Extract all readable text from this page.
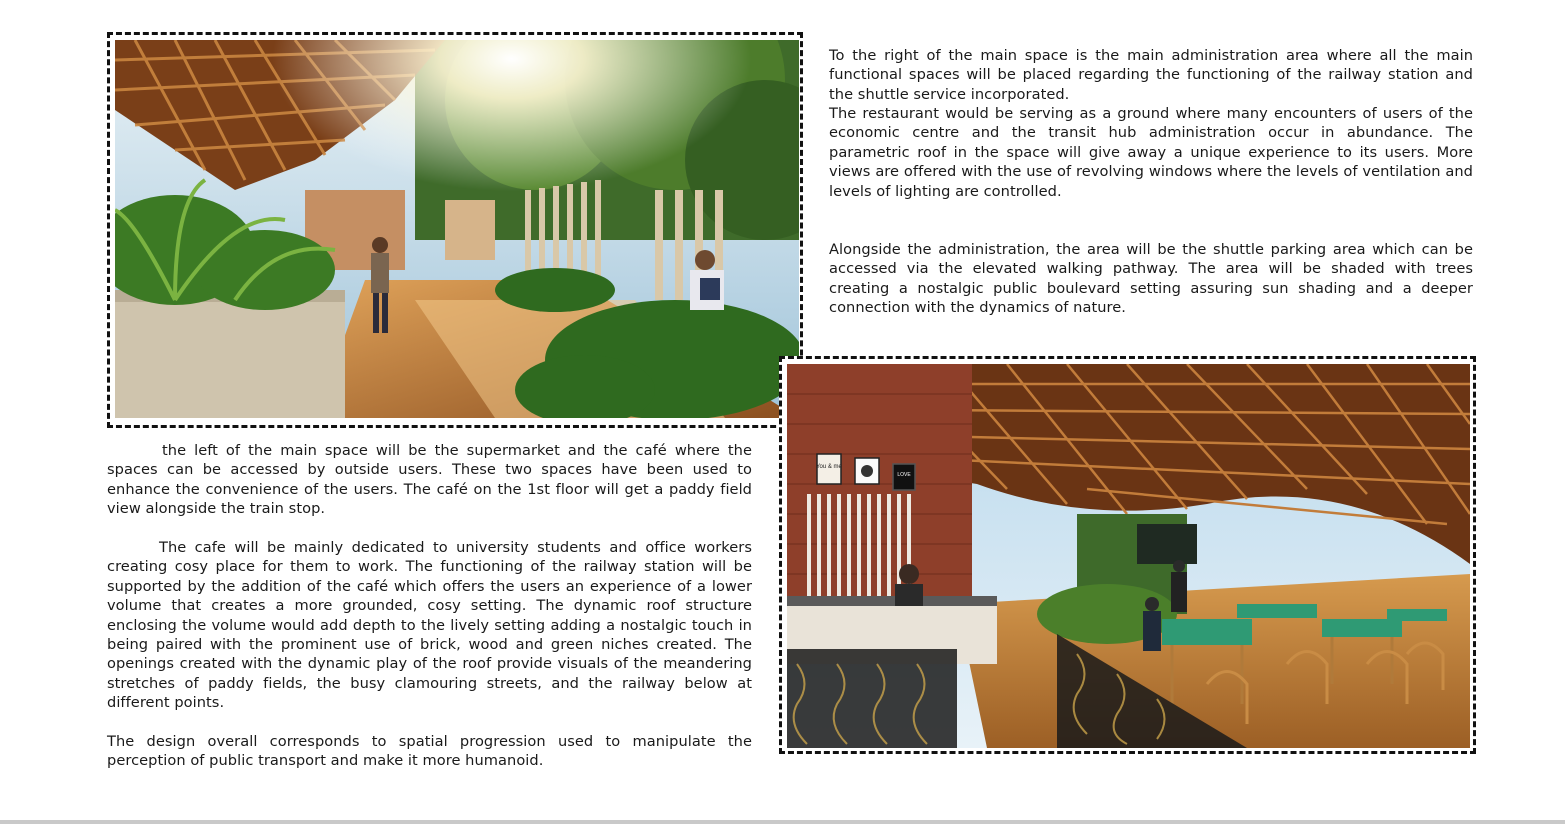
To the right of the main space is the main administration area where all the main functional spaces will be placed regarding the functioning of the railway station and the shuttle service incorporated.

The restaurant would be serving as a ground where many encounters of users of the economic centre and the transit hub administration occur in abundance. The parametric roof in the space will give away a unique experience to its users. More views are offered with the use of revolving windows where the levels of ventilation and levels of lighting are controlled.

Alongside the administration, the area will be the shuttle parking area which can be accessed via the elevated walking pathway. The area will be shaded with trees creating a nostalgic public boulevard setting assuring sun shading and a deeper connection with the dynamics of nature.

You & me
LOVE

the left of the main space will be the supermarket and the café where the spaces can be accessed by outside users. These two spaces have been used to enhance the convenience of the users. The café on the 1st floor will get a paddy field view alongside the train stop.

The cafe will be mainly dedicated to university students and office workers creating cosy place for them to work. The functioning of the railway station will be supported by the addition of the café which offers the users an experience of a lower volume that creates a more grounded, cosy setting. The dynamic roof structure enclosing the volume would add depth to the lively setting adding a nostalgic touch in being paired with the prominent use of brick, wood and green niches created. The openings created with the dynamic play of the roof provide visuals of the meandering stretches of paddy fields, the busy clamouring streets, and the railway below at different points.

The design overall corresponds to spatial progression used to manipulate the perception of public transport and make it more humanoid.
